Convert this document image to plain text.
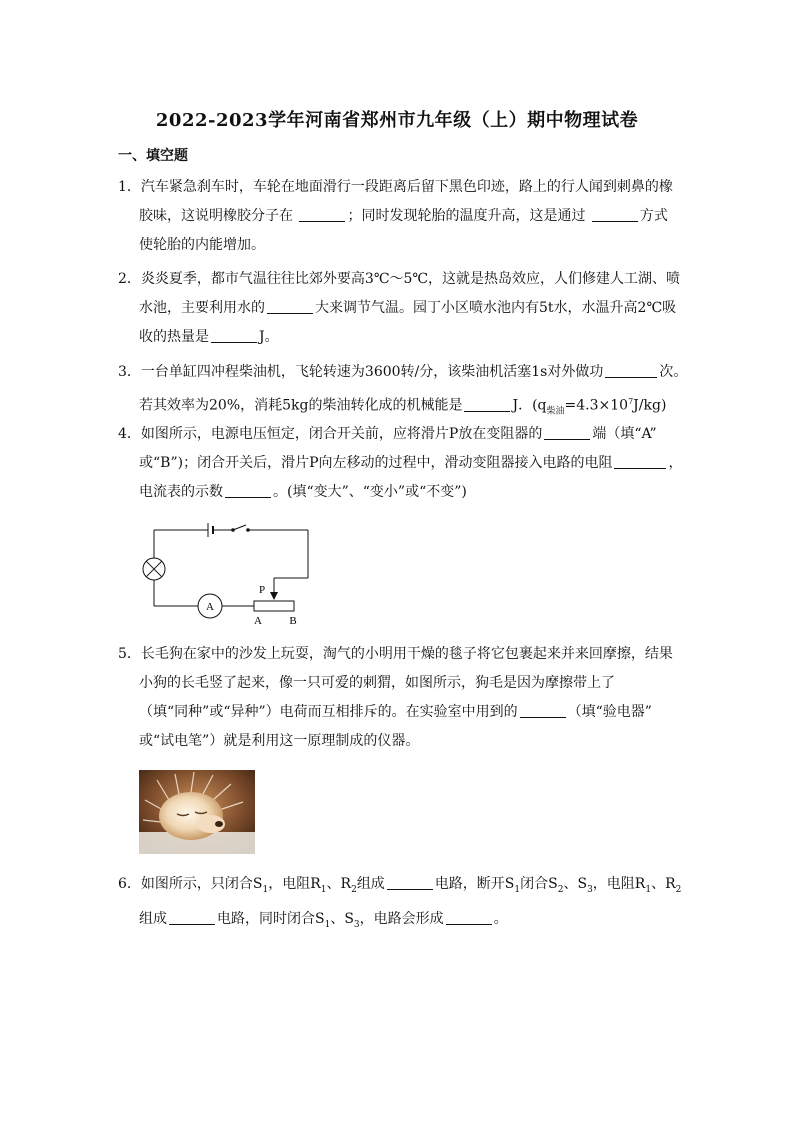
2022-2023学年河南省郑州市九年级（上）期中物理试卷
一、填空题
1．汽车紧急刹车时，车轮在地面滑行一段距离后留下黑色印迹，路上的行人闻到刺鼻的橡
胶味，这说明橡胶分子在	；同时发现轮胎的温度升高，这是通过	方式
使轮胎的内能增加。
2．炎炎夏季，都市气温往往比郊外要高3℃～5℃，这就是热岛效应，人们修建人工湖、喷
水池，主要利用水的	大来调节气温。园丁小区喷水池内有5t水，水温升高2℃吸
收的热量是	J。
3．一台单缸四冲程柴油机，飞轮转速为3600转/分，该柴油机活塞1s对外做功	次。
若其效率为20%，消耗5kg的柴油转化成的机械能是	J．$(q_{柴油}=4.3\times 10^7J/kg)$
4．如图所示，电源电压恒定，闭合开关前，应将滑片P放在变阻器的	端（填“A”
或“B”)；闭合开关后，滑片P向左移动的过程中，滑动变阻器接入电路的电阻	，
电流表的示数	。(填“变大”、“变小”或“不变”)
A
P
A B
5．长毛狗在家中的沙发上玩耍，淘气的小明用干燥的毯子将它包裹起来并来回摩擦，结果
小狗的长毛竖了起来，像一只可爱的刺猬，如图所示，狗毛是因为摩擦带上了
（填“同种”或“异种”）电荷而互相排斥的。在实验室中用到的	（填“验电器”
或“试电笔”）就是利用这一原理制成的仪器。
6．如图所示，只闭合$S_1$，电阻$R_1$、$R_2$组成	电路，断开$S_1$闭合$S_2$、$S_3$，电阻$R_1$、$R_2$
组成	电路，同时闭合$S_1$、$S_3$，电路会形成	。
